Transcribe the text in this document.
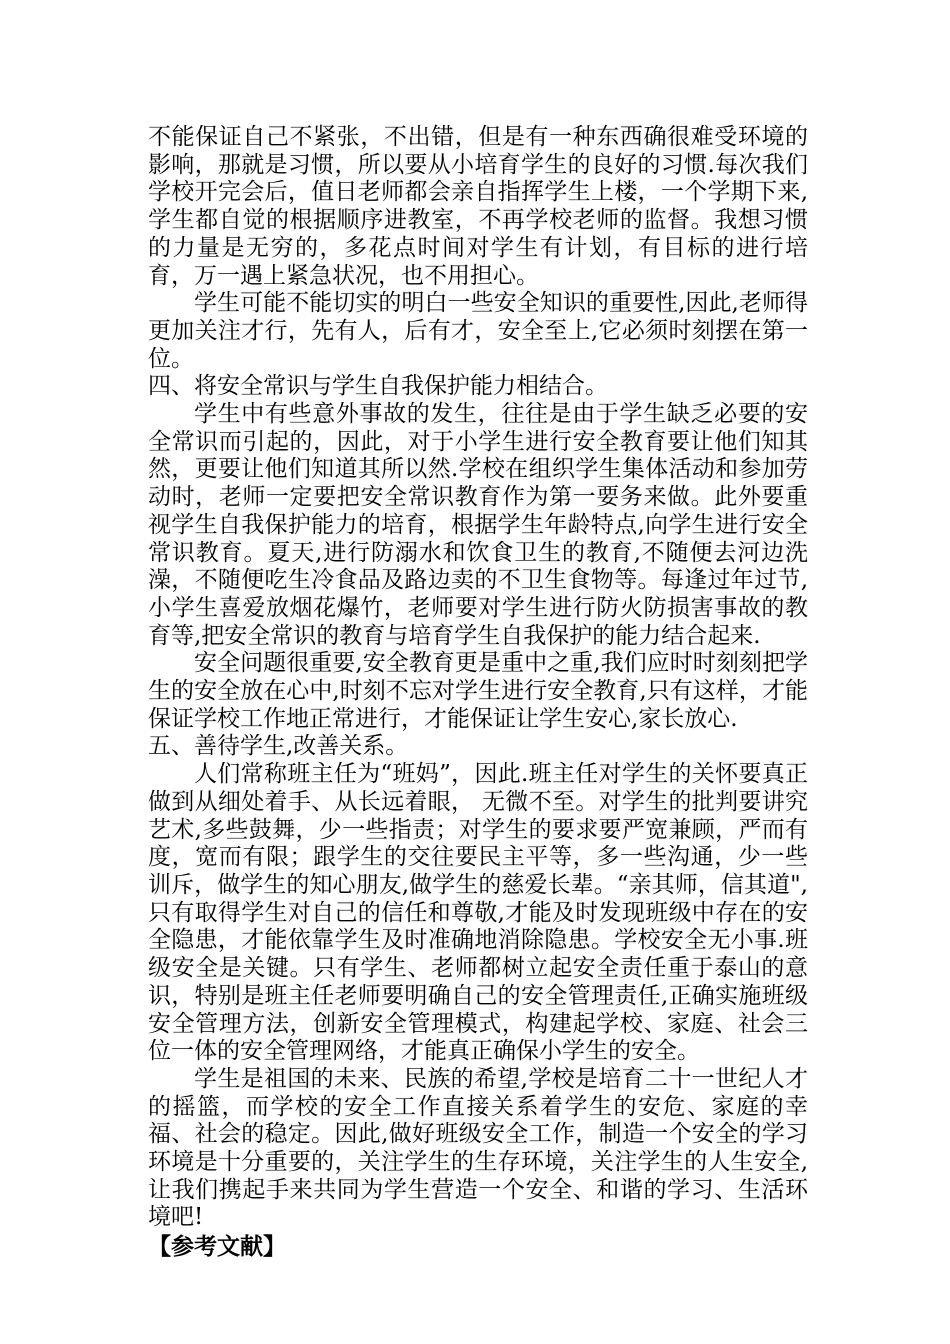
不能保证自己不紧张，不出错，但是有一种东西确很难受环境的影响，那就是习惯，所以要从小培育学生的良好的习惯.每次我们学校开完会后，值日老师都会亲自指挥学生上楼，一个学期下来,学生都自觉的根据顺序进教室，不再学校老师的监督。我想习惯的力量是无穷的，多花点时间对学生有计划，有目标的进行培育，万一遇上紧急状况，也不用担心。

学生可能不能切实的明白一些安全知识的重要性,因此,老师得更加关注才行，先有人，后有才，安全至上,它必须时刻摆在第一位。

四、将安全常识与学生自我保护能力相结合。

学生中有些意外事故的发生，往往是由于学生缺乏必要的安全常识而引起的，因此，对于小学生进行安全教育要让他们知其然，更要让他们知道其所以然.学校在组织学生集体活动和参加劳动时，老师一定要把安全常识教育作为第一要务来做。此外要重视学生自我保护能力的培育，根据学生年龄特点,向学生进行安全常识教育。夏天,进行防溺水和饮食卫生的教育,不随便去河边洗澡，不随便吃生冷食品及路边卖的不卫生食物等。每逢过年过节,小学生喜爱放烟花爆竹，老师要对学生进行防火防损害事故的教育等,把安全常识的教育与培育学生自我保护的能力结合起来.

安全问题很重要,安全教育更是重中之重,我们应时时刻刻把学生的安全放在心中,时刻不忘对学生进行安全教育,只有这样，才能保证学校工作地正常进行，才能保证让学生安心,家长放心.

五、善待学生,改善关系。

人们常称班主任为“班妈”，因此.班主任对学生的关怀要真正做到从细处着手、从长远着眼， 无微不至。对学生的批判要讲究艺术,多些鼓舞，少一些指责；对学生的要求要严宽兼顾，严而有度，宽而有限；跟学生的交往要民主平等，多一些沟通，少一些训斥，做学生的知心朋友,做学生的慈爱长辈。“亲其师，信其道",只有取得学生对自己的信任和尊敬,才能及时发现班级中存在的安全隐患，才能依靠学生及时准确地消除隐患。学校安全无小事.班级安全是关键。只有学生、老师都树立起安全责任重于泰山的意识，特别是班主任老师要明确自己的安全管理责任,正确实施班级安全管理方法，创新安全管理模式，构建起学校、家庭、社会三位一体的安全管理网络，才能真正确保小学生的安全。

学生是祖国的未来、民族的希望,学校是培育二十一世纪人才的摇篮，而学校的安全工作直接关系着学生的安危、家庭的幸福、社会的稳定。因此,做好班级安全工作，制造一个安全的学习环境是十分重要的，关注学生的生存环境，关注学生的人生安全,让我们携起手来共同为学生营造一个安全、和谐的学习、生活环境吧!

【参考文献】
